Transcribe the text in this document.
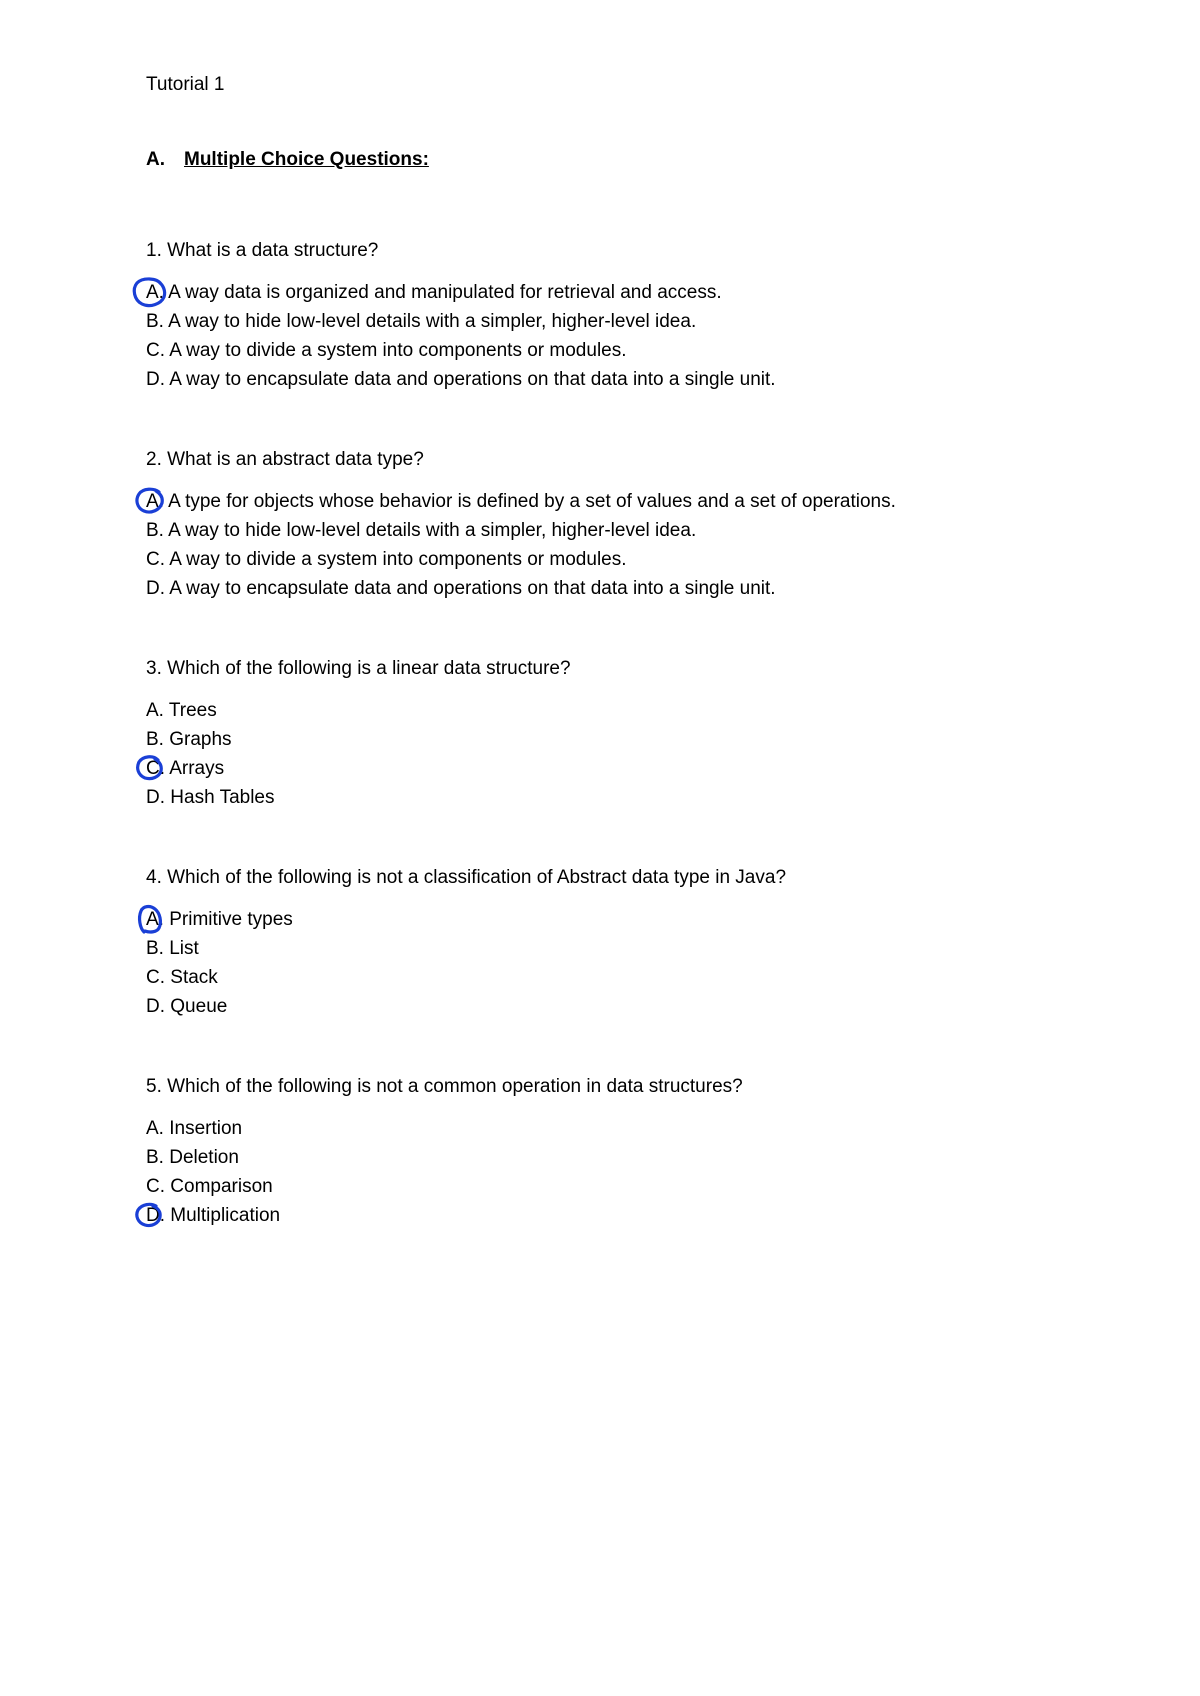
Tutorial 1
A. Multiple Choice Questions:
1. What is a data structure?
A. A way data is organized and manipulated for retrieval and access.
B. A way to hide low-level details with a simpler, higher-level idea.
C. A way to divide a system into components or modules.
D. A way to encapsulate data and operations on that data into a single unit.
2. What is an abstract data type?
A. A type for objects whose behavior is defined by a set of values and a set of operations.
B. A way to hide low-level details with a simpler, higher-level idea.
C. A way to divide a system into components or modules.
D. A way to encapsulate data and operations on that data into a single unit.
3. Which of the following is a linear data structure?
A. Trees
B. Graphs
C. Arrays
D. Hash Tables
4. Which of the following is not a classification of Abstract data type in Java?
A. Primitive types
B. List
C. Stack
D. Queue
5. Which of the following is not a common operation in data structures?
A. Insertion
B. Deletion
C. Comparison
D. Multiplication
